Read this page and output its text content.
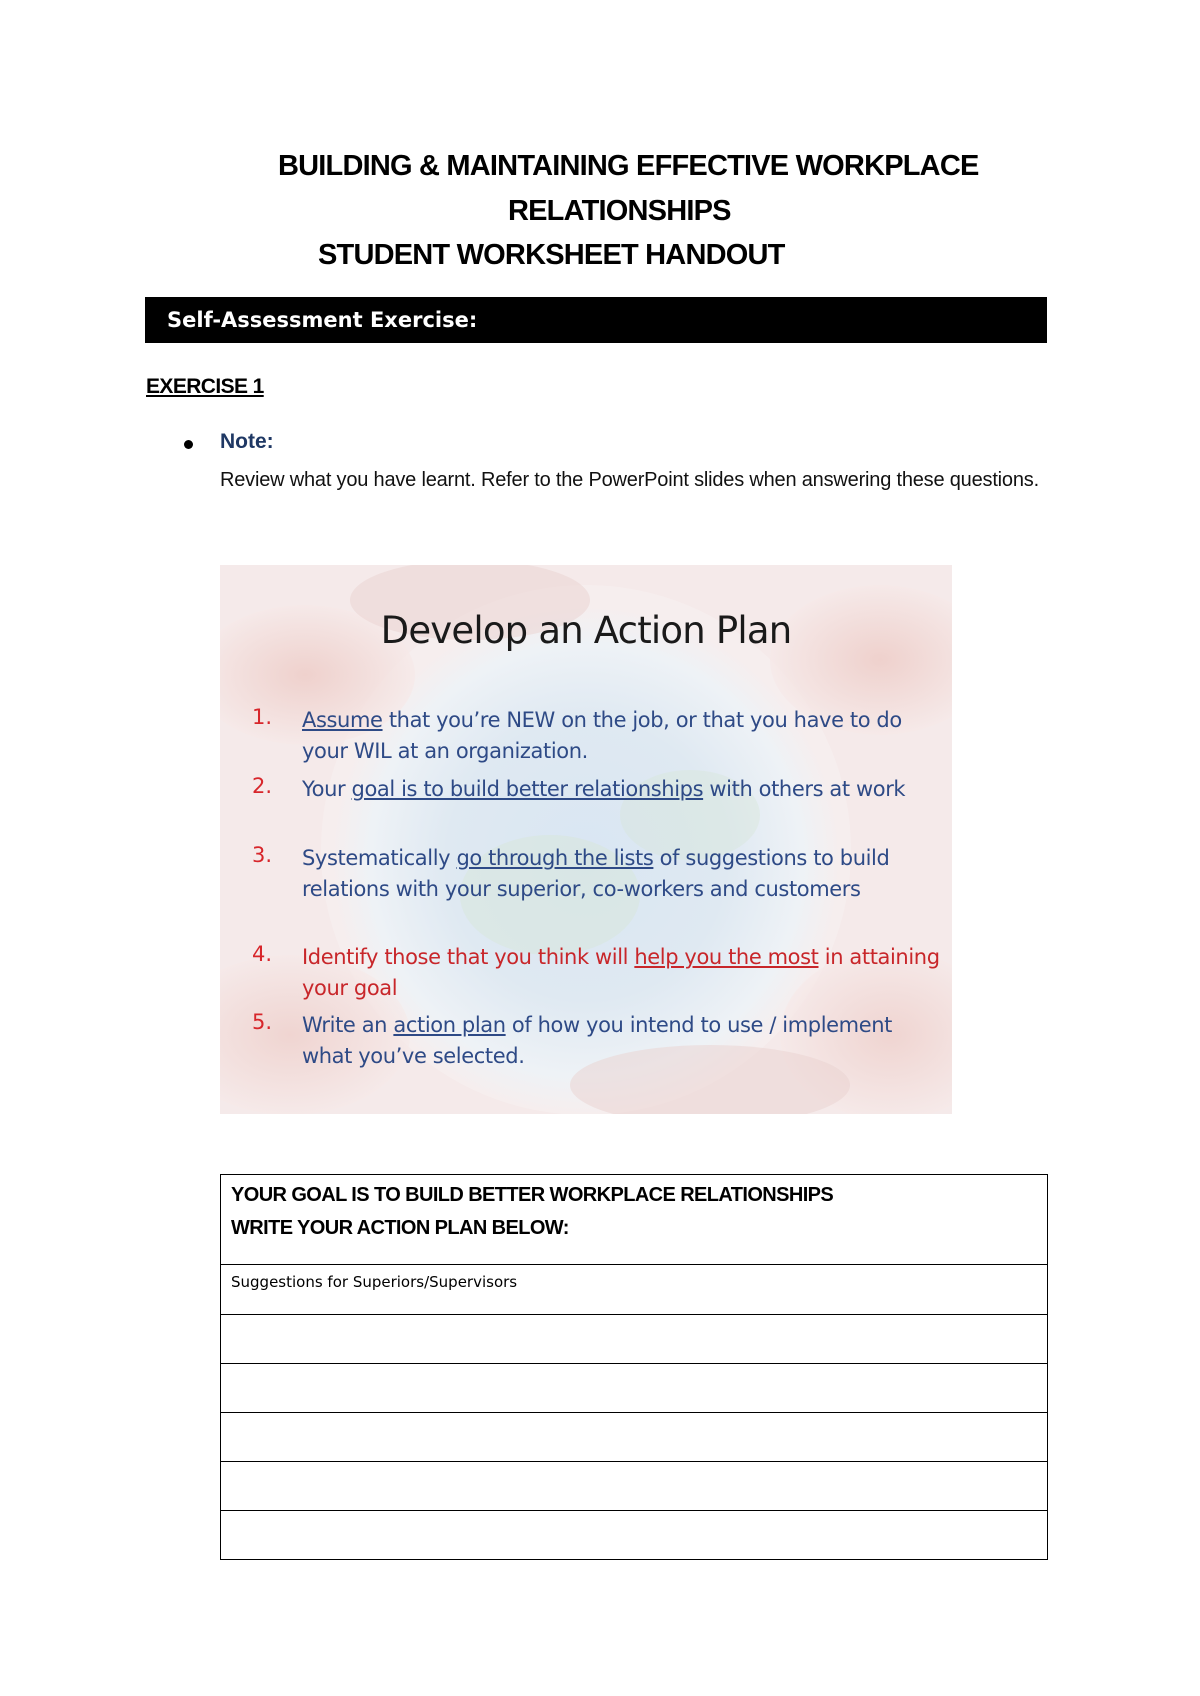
BUILDING & MAINTAINING EFFECTIVE WORKPLACE
RELATIONSHIPS
STUDENT WORKSHEET HANDOUT
Self-Assessment Exercise:
EXERCISE 1
Note:
Review what you have learnt. Refer to the PowerPoint slides when answering these questions.
Develop an Action Plan
1.	Assume that you’re NEW on the job, or that you have to do your WIL at an organization.
2.	Your goal is to build better relationships with others at work
3.	Systematically go through the lists of suggestions to build relations with your superior, co-workers and customers
4.	Identify those that you think will help you the most in attaining your goal
5.	Write an action plan of how you intend to use / implement what you’ve selected.
YOUR GOAL IS TO BUILD BETTER WORKPLACE RELATIONSHIPS
WRITE YOUR ACTION PLAN BELOW:

Suggestions for Superiors/Supervisors
